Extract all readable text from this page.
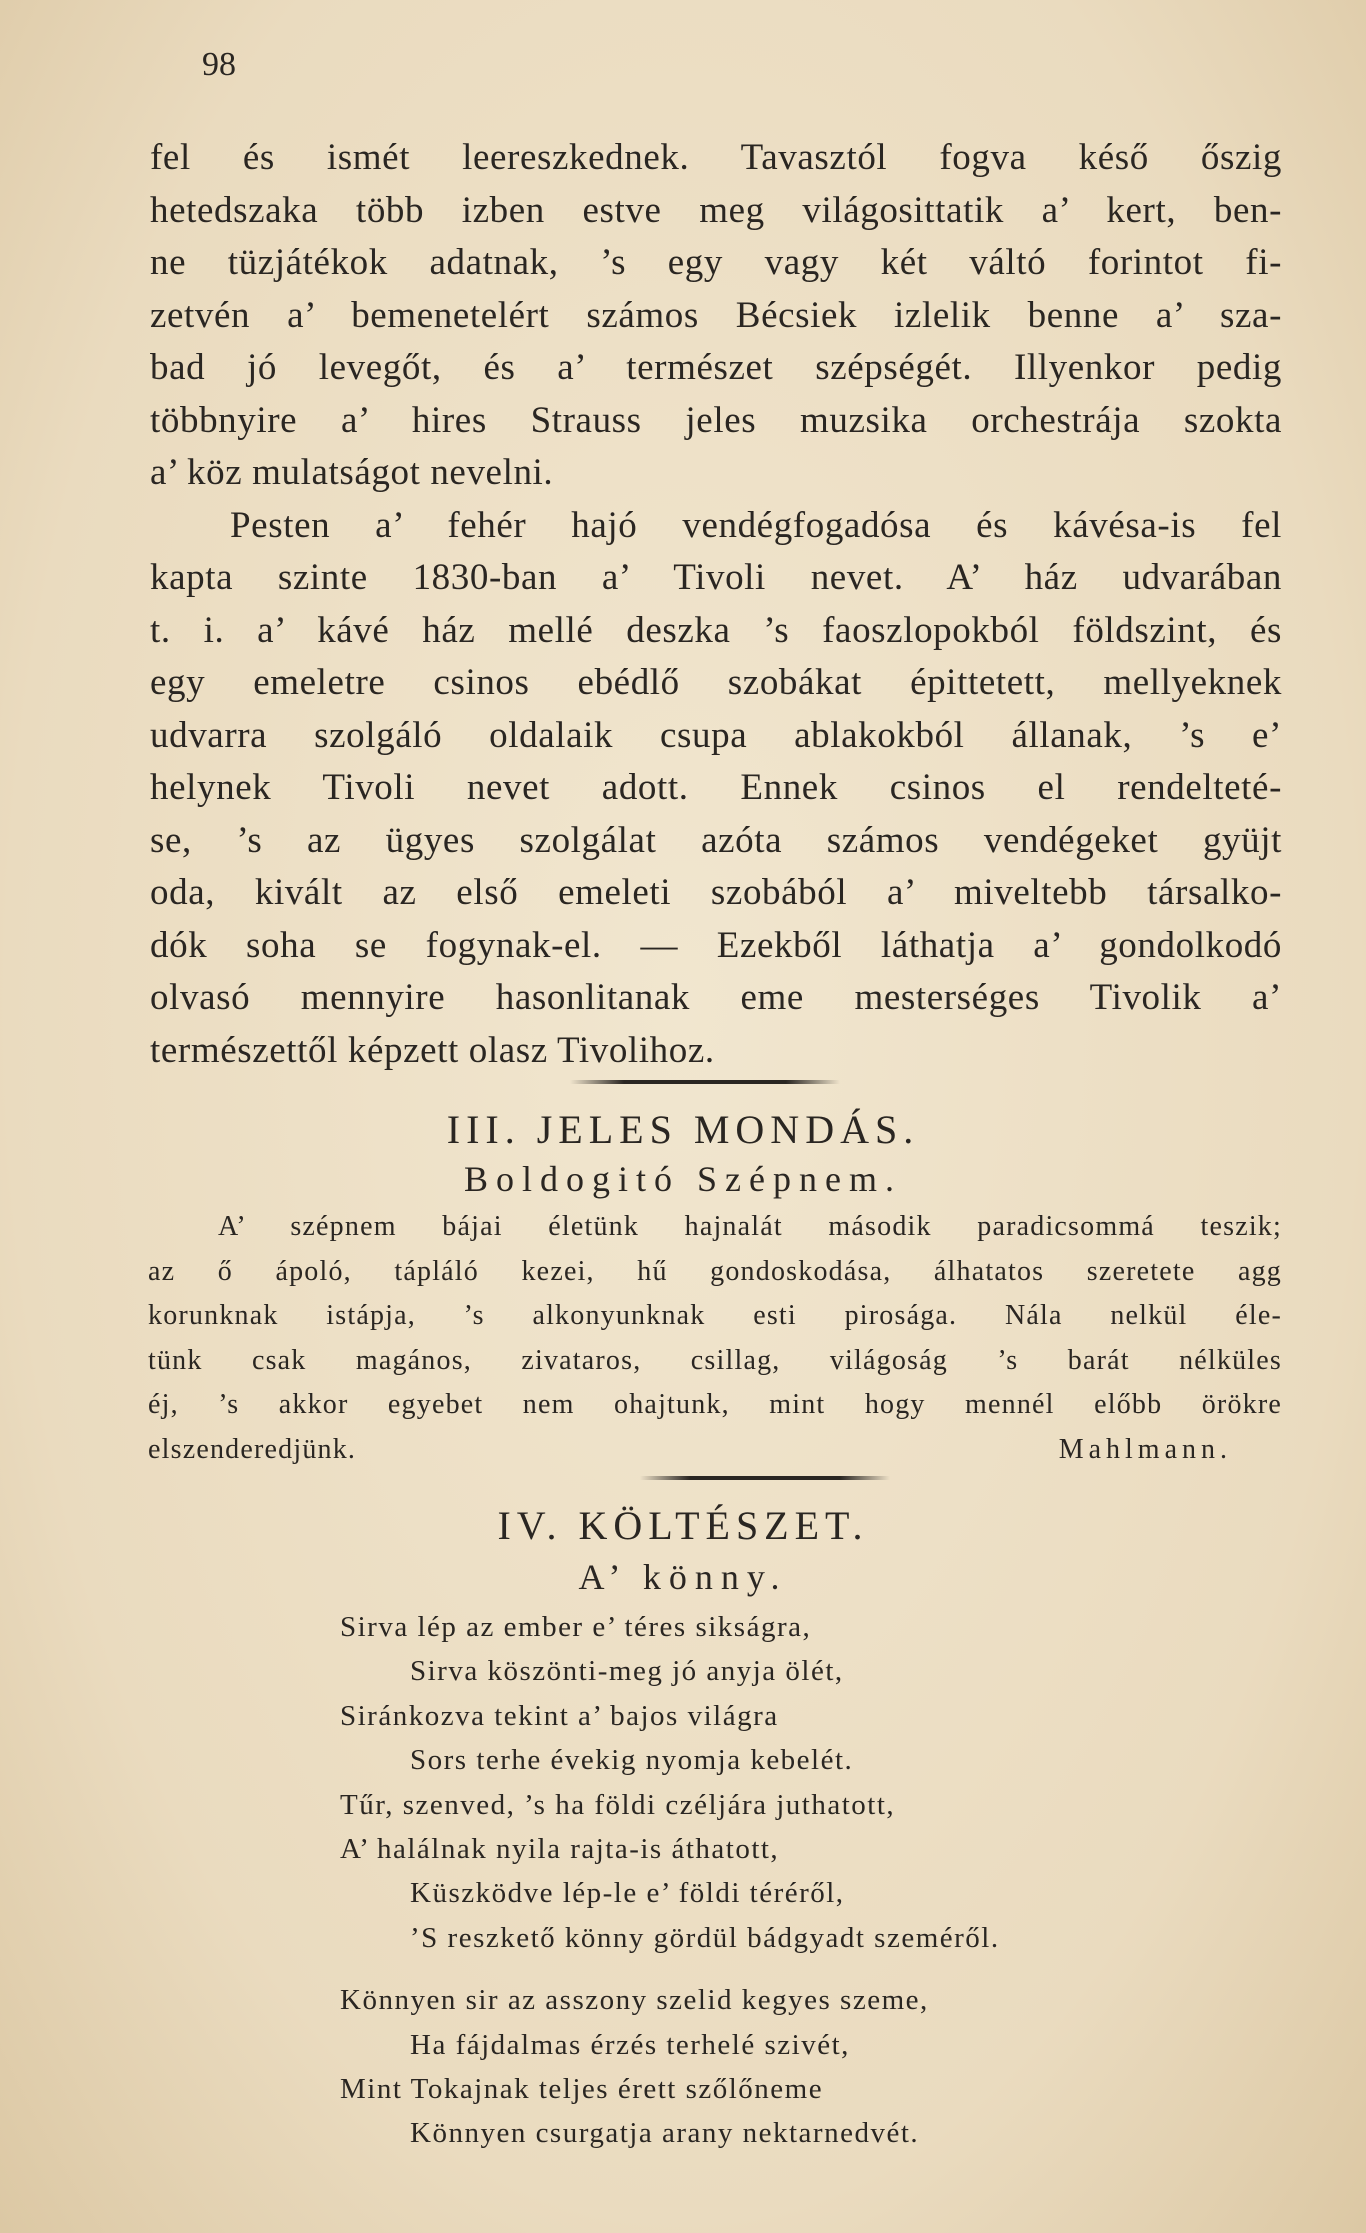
98
fel és ismét leereszkednek. Tavasztól fogva késő őszig
hetedszaka több izben estve meg világosittatik a’ kert, ben-
ne tüzjátékok adatnak, ’s egy vagy két váltó forintot fi-
zetvén a’ bemenetelért számos Bécsiek izlelik benne a’ sza-
bad jó levegőt, és a’ természet szépségét. Illyenkor pedig
többnyire a’ hires Strauss jeles muzsika orchestrája szokta
a’ köz mulatságot nevelni.
Pesten a’ fehér hajó vendégfogadósa és kávésa-is fel
kapta szinte 1830-ban a’ Tivoli nevet. A’ ház udvarában
t. i. a’ kávé ház mellé deszka ’s faoszlopokból földszint, és
egy emeletre csinos ebédlő szobákat épittetett, mellyeknek
udvarra szolgáló oldalaik csupa ablakokból állanak, ’s e’
helynek Tivoli nevet adott. Ennek csinos el rendelteté-
se, ’s az ügyes szolgálat azóta számos vendégeket gyüjt
oda, kivált az első emeleti szobából a’ miveltebb társalko-
dók soha se fogynak-el. — Ezekből láthatja a’ gondolkodó
olvasó mennyire hasonlitanak eme mesterséges Tivolik a’
természettől képzett olasz Tivolihoz.
III. JELES MONDÁS.
Boldogitó Szépnem.
A’ szépnem bájai életünk hajnalát második paradicsommá teszik;
az ő ápoló, tápláló kezei, hű gondoskodása, álhatatos szeretete agg
korunknak istápja, ’s alkonyunknak esti pirosága. Nála nelkül éle-
tünk csak magános, zivataros, csillag, világoság ’s barát nélküles
éj, ’s akkor egyebet nem ohajtunk, mint hogy mennél előbb örökre
elszenderedjünk.	Mahlmann.
IV. KÖLTÉSZET.
A’ könny.
Sirva lép az ember e’ téres sikságra,
Sirva köszönti-meg jó anyja ölét,
Siránkozva tekint a’ bajos világra
Sors terhe évekig nyomja kebelét.
Tűr, szenved, ’s ha földi czéljára juthatott,
A’ halálnak nyila rajta-is áthatott,
Küszködve lép-le e’ földi téréről,
’S reszkető könny gördül bádgyadt szeméről.
Könnyen sir az asszony szelid kegyes szeme,
Ha fájdalmas érzés terhelé szivét,
Mint Tokajnak teljes érett szőlőneme
Könnyen csurgatja arany nektarnedvét.
